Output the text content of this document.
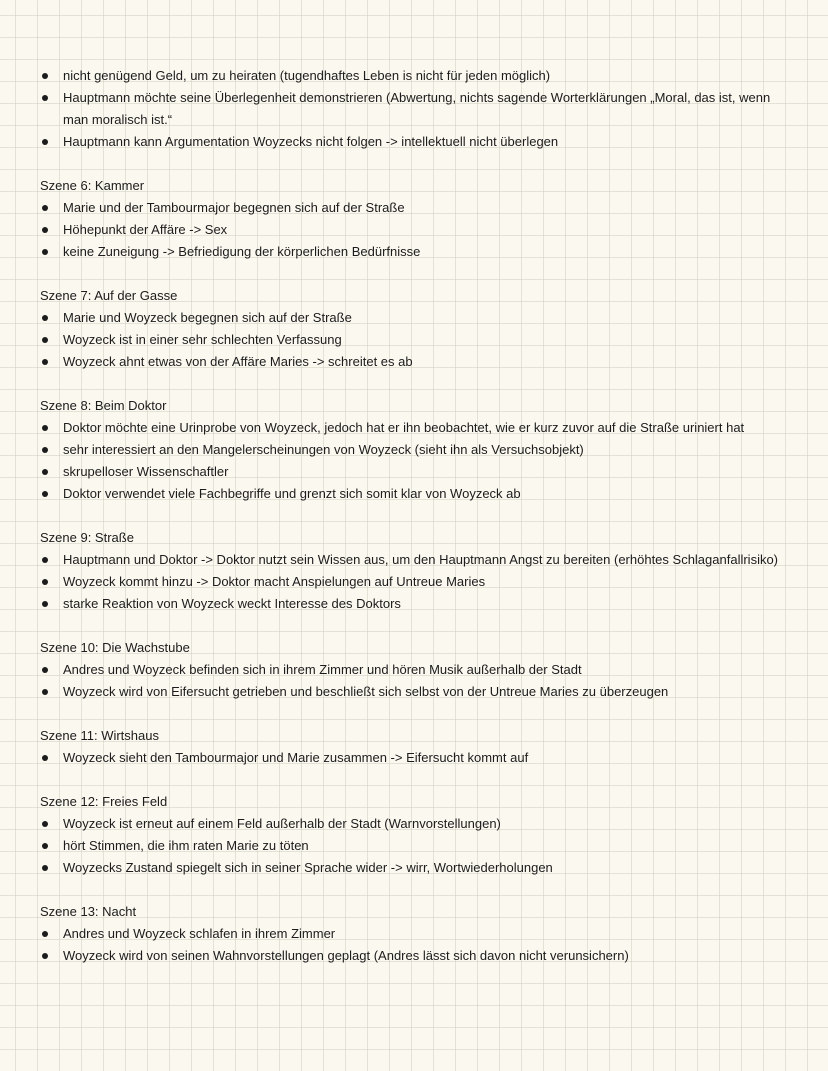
nicht genügend Geld, um zu heiraten (tugendhaftes Leben is nicht für jeden möglich)
Hauptmann möchte seine Überlegenheit demonstrieren (Abwertung, nichts sagende Worterklärungen „Moral, das ist, wenn man moralisch ist.“
Hauptmann kann Argumentation Woyzecks nicht folgen -> intellektuell nicht überlegen
Szene 6: Kammer
Marie und der Tambourmajor begegnen sich auf der Straße
Höhepunkt der Affäre -> Sex
keine Zuneigung -> Befriedigung der körperlichen Bedürfnisse
Szene 7: Auf der Gasse
Marie und Woyzeck begegnen sich auf der Straße
Woyzeck ist in einer sehr schlechten Verfassung
Woyzeck ahnt etwas von der Affäre Maries -> schreitet es ab
Szene 8: Beim Doktor
Doktor möchte eine Urinprobe von Woyzeck, jedoch hat er ihn beobachtet, wie er kurz zuvor auf die Straße uriniert hat
sehr interessiert an den Mangelerscheinungen von Woyzeck (sieht ihn als Versuchsobjekt)
skrupelloser Wissenschaftler
Doktor verwendet viele Fachbegriffe und grenzt sich somit klar von Woyzeck ab
Szene 9: Straße
Hauptmann und Doktor -> Doktor nutzt sein Wissen aus, um den Hauptmann Angst zu bereiten (erhöhtes Schlaganfallrisiko)
Woyzeck kommt hinzu -> Doktor macht Anspielungen auf Untreue Maries
starke Reaktion von Woyzeck weckt Interesse des Doktors
Szene 10: Die Wachstube
Andres und Woyzeck befinden sich in ihrem Zimmer und hören Musik außerhalb der Stadt
Woyzeck wird von Eifersucht getrieben und beschließt sich selbst von der Untreue Maries zu überzeugen
Szene 11: Wirtshaus
Woyzeck sieht den Tambourmajor und Marie zusammen -> Eifersucht kommt auf
Szene 12: Freies Feld
Woyzeck ist erneut auf einem Feld außerhalb der Stadt (Warnvorstellungen)
hört Stimmen, die ihm raten Marie zu töten
Woyzecks Zustand spiegelt sich in seiner Sprache wider -> wirr, Wortwiederholungen
Szene 13: Nacht
Andres und Woyzeck schlafen in ihrem Zimmer
Woyzeck wird von seinen Wahnvorstellungen geplagt (Andres lässt sich davon nicht verunsichern)
